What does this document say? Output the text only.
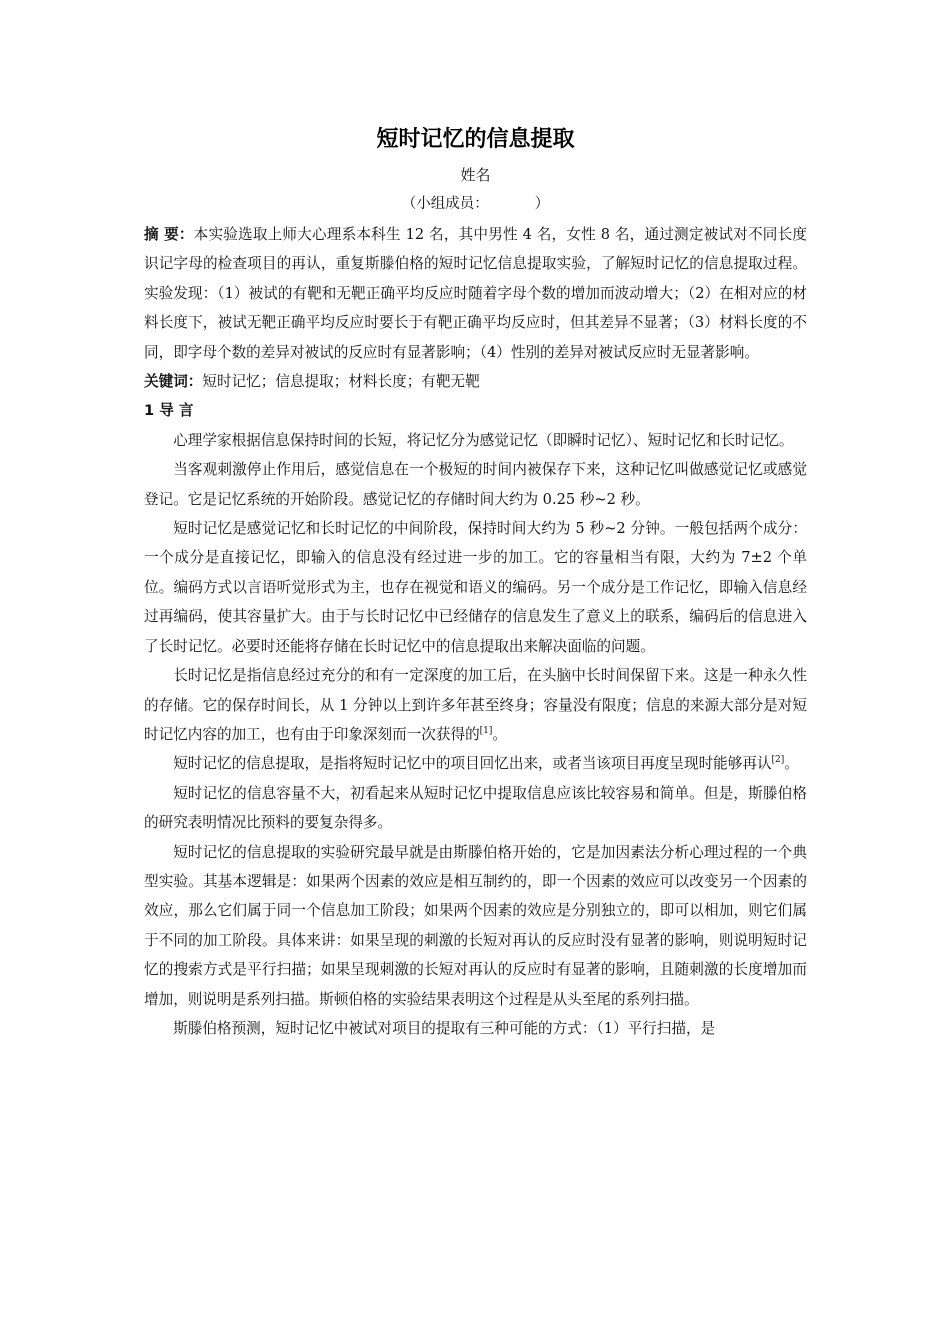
短时记忆的信息提取

姓名

（小组成员：          ）

摘 要：本实验选取上师大心理系本科生 12 名，其中男性 4 名，女性 8 名，通过测定被试对不同长度识记字母的检查项目的再认，重复斯滕伯格的短时记忆信息提取实验，了解短时记忆的信息提取过程。实验发现：（1）被试的有靶和无靶正确平均反应时随着字母个数的增加而波动增大；（2）在相对应的材料长度下，被试无靶正确平均反应时要长于有靶正确平均反应时，但其差异不显著；（3）材料长度的不同，即字母个数的差异对被试的反应时有显著影响；（4）性别的差异对被试反应时无显著影响。

关键词：短时记忆；信息提取；材料长度；有靶无靶

1 导 言

心理学家根据信息保持时间的长短，将记忆分为感觉记忆（即瞬时记忆）、短时记忆和长时记忆。

当客观刺激停止作用后，感觉信息在一个极短的时间内被保存下来，这种记忆叫做感觉记忆或感觉登记。它是记忆系统的开始阶段。感觉记忆的存储时间大约为 0.25 秒~2 秒。

短时记忆是感觉记忆和长时记忆的中间阶段，保持时间大约为 5 秒~2 分钟。一般包括两个成分：一个成分是直接记忆，即输入的信息没有经过进一步的加工。它的容量相当有限，大约为 7±2 个单位。编码方式以言语听觉形式为主，也存在视觉和语义的编码。另一个成分是工作记忆，即输入信息经过再编码，使其容量扩大。由于与长时记忆中已经储存的信息发生了意义上的联系，编码后的信息进入了长时记忆。必要时还能将存储在长时记忆中的信息提取出来解决面临的问题。

长时记忆是指信息经过充分的和有一定深度的加工后，在头脑中长时间保留下来。这是一种永久性的存储。它的保存时间长，从 1 分钟以上到许多年甚至终身；容量没有限度；信息的来源大部分是对短时记忆内容的加工，也有由于印象深刻而一次获得的[1]。

短时记忆的信息提取，是指将短时记忆中的项目回忆出来，或者当该项目再度呈现时能够再认[2]。

短时记忆的信息容量不大，初看起来从短时记忆中提取信息应该比较容易和简单。但是，斯滕伯格的研究表明情况比预料的要复杂得多。

短时记忆的信息提取的实验研究最早就是由斯滕伯格开始的，它是加因素法分析心理过程的一个典型实验。其基本逻辑是：如果两个因素的效应是相互制约的，即一个因素的效应可以改变另一个因素的效应，那么它们属于同一个信息加工阶段；如果两个因素的效应是分别独立的，即可以相加，则它们属于不同的加工阶段。具体来讲：如果呈现的刺激的长短对再认的反应时没有显著的影响，则说明短时记忆的搜索方式是平行扫描；如果呈现刺激的长短对再认的反应时有显著的影响，且随刺激的长度增加而增加，则说明是系列扫描。斯顿伯格的实验结果表明这个过程是从头至尾的系列扫描。

斯滕伯格预测，短时记忆中被试对项目的提取有三种可能的方式：（1）平行扫描，是
